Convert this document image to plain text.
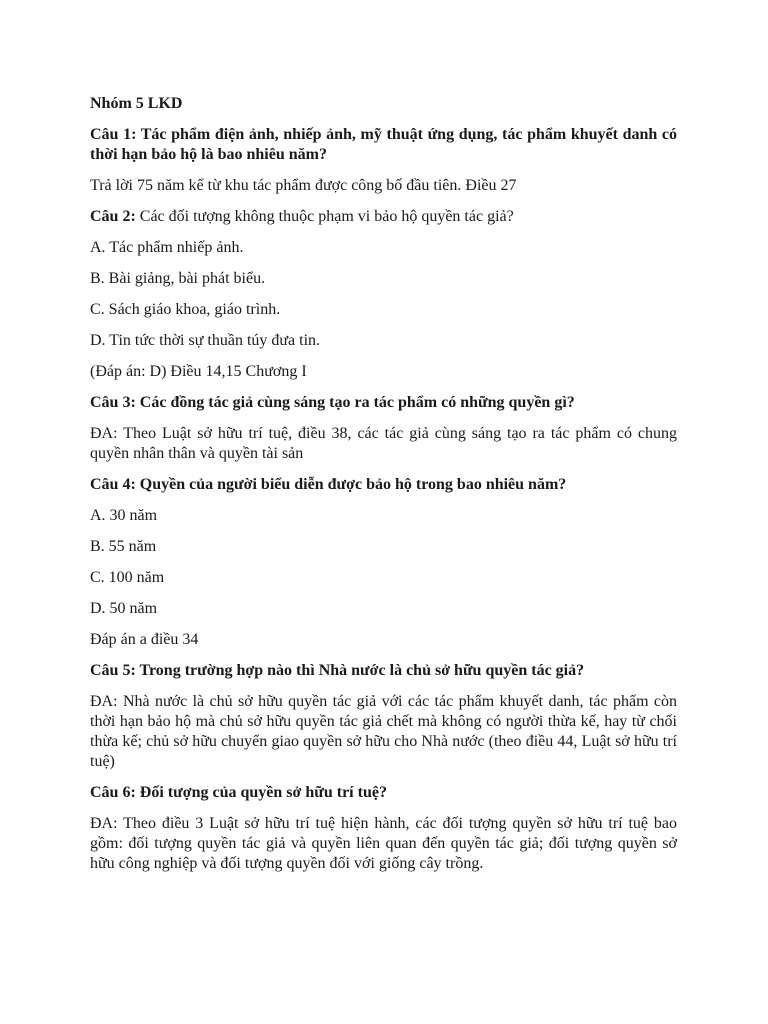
Nhóm 5 LKD

Câu 1: Tác phẩm điện ảnh, nhiếp ảnh, mỹ thuật ứng dụng, tác phẩm khuyết danh có thời hạn bảo hộ là bao nhiêu năm?

Trả lời 75 năm kể từ khu tác phẩm được công bố đầu tiên. Điều 27

Câu 2: Các đối tượng không thuộc phạm vi bảo hộ quyền tác giả?

A. Tác phẩm nhiếp ảnh.

B. Bài giảng, bài phát biểu.

C. Sách giáo khoa, giáo trình.

D. Tin tức thời sự thuần túy đưa tin.

(Đáp án: D) Điều 14,15 Chương I

Câu 3: Các đồng tác giả cùng sáng tạo ra tác phẩm có những quyền gì?

ĐA: Theo Luật sở hữu trí tuệ, điều 38, các tác giả cùng sáng tạo ra tác phẩm có chung quyền nhân thân và quyền tài sản

Câu 4: Quyền của người biểu diễn được bảo hộ trong bao nhiêu năm?

A. 30 năm

B. 55 năm

C. 100 năm

D. 50 năm

Đáp án a điều 34

Câu 5: Trong trường hợp nào thì Nhà nước là chủ sở hữu quyền tác giả?

ĐA: Nhà nước là chủ sở hữu quyền tác giả với các tác phẩm khuyết danh, tác phẩm còn thời hạn bảo hộ mà chủ sở hữu quyền tác giả chết mà không có người thừa kế, hay từ chối thừa kế; chủ sở hữu chuyển giao quyền sở hữu cho Nhà nước (theo điều 44, Luật sở hữu trí tuệ)

Câu 6: Đối tượng của quyền sở hữu trí tuệ?

ĐA: Theo điều 3 Luật sở hữu trí tuệ hiện hành, các đối tượng quyền sở hữu trí tuệ bao gồm: đối tượng quyền tác giả và quyền liên quan đến quyền tác giả; đối tượng quyền sở hữu công nghiệp và đối tượng quyền đối với giống cây trồng.
